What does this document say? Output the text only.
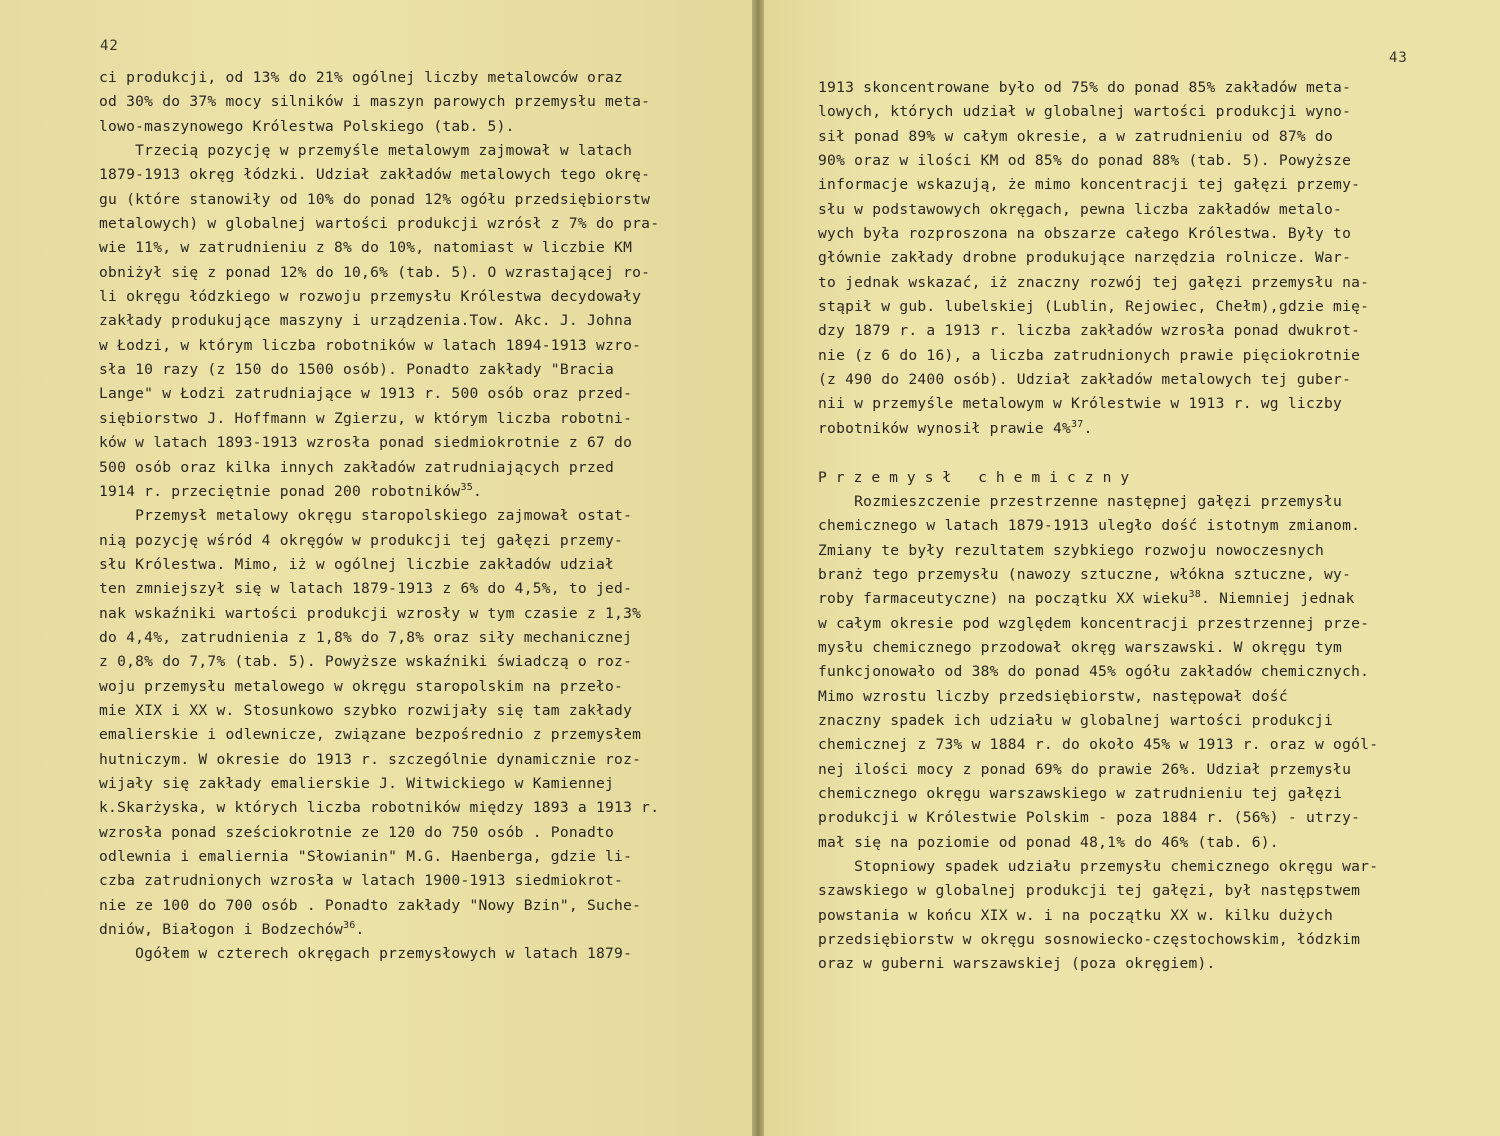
42
43
ci produkcji, od 13% do 21% ogólnej liczby metalowców oraz
od 30% do 37% mocy silników i maszyn parowych przemysłu meta-
lowo-maszynowego Królestwa Polskiego (tab. 5).
Trzecią pozycję w przemyśle metalowym zajmował w latach
1879-1913 okręg łódzki. Udział zakładów metalowych tego okrę-
gu (które stanowiły od 10% do ponad 12% ogółu przedsiębiorstw
metalowych) w globalnej wartości produkcji wzrósł z 7% do pra-
wie 11%, w zatrudnieniu z 8% do 10%, natomiast w liczbie KM
obniżył się z ponad 12% do 10,6% (tab. 5). O wzrastającej ro-
li okręgu łódzkiego w rozwoju przemysłu Królestwa decydowały
zakłady produkujące maszyny i urządzenia.Tow. Akc. J. Johna
w Łodzi, w którym liczba robotników w latach 1894-1913 wzro-
sła 10 razy (z 150 do 1500 osób). Ponadto zakłady "Bracia
Lange" w Łodzi zatrudniające w 1913 r. 500 osób oraz przed-
siębiorstwo J. Hoffmann w Zgierzu, w którym liczba robotni-
ków w latach 1893-1913 wzrosła ponad siedmiokrotnie z 67 do
500 osób oraz kilka innych zakładów zatrudniających przed
1914 r. przeciętnie ponad 200 robotników$^{35}$.
Przemysł metalowy okręgu staropolskiego zajmował ostat-
nią pozycję wśród 4 okręgów w produkcji tej gałęzi przemy-
słu Królestwa. Mimo, iż w ogólnej liczbie zakładów udział
ten zmniejszył się w latach 1879-1913 z 6% do 4,5%, to jed-
nak wskaźniki wartości produkcji wzrosły w tym czasie z 1,3%
do 4,4%, zatrudnienia z 1,8% do 7,8% oraz siły mechanicznej
z 0,8% do 7,7% (tab. 5). Powyższe wskaźniki świadczą o roz-
woju przemysłu metalowego w okręgu staropolskim na przeło-
mie XIX i XX w. Stosunkowo szybko rozwijały się tam zakłady
emalierskie i odlewnicze, związane bezpośrednio z przemysłem
hutniczym. W okresie do 1913 r. szczególnie dynamicznie roz-
wijały się zakłady emalierskie J. Witwickiego w Kamiennej
k.Skarżyska, w których liczba robotników między 1893 a 1913 r.
wzrosła ponad sześciokrotnie ze 120 do 750 osób . Ponadto
odlewnia i emaliernia "Słowianin" M.G. Haenberga, gdzie li-
czba zatrudnionych wzrosła w latach 1900-1913 siedmiokrot-
nie ze 100 do 700 osób . Ponadto zakłady "Nowy Bzin", Suche-
dniów, Białogon i Bodzechów$^{36}$.
Ogółem w czterech okręgach przemysłowych w latach 1879-
1913 skoncentrowane było od 75% do ponad 85% zakładów meta-
lowych, których udział w globalnej wartości produkcji wyno-
sił ponad 89% w całym okresie, a w zatrudnieniu od 87% do
90% oraz w ilości KM od 85% do ponad 88% (tab. 5). Powyższe
informacje wskazują, że mimo koncentracji tej gałęzi przemy-
słu w podstawowych okręgach, pewna liczba zakładów metalo-
wych była rozproszona na obszarze całego Królestwa. Były to
głównie zakłady drobne produkujące narzędzia rolnicze. War-
to jednak wskazać, iż znaczny rozwój tej gałęzi przemysłu na-
stąpił w gub. lubelskiej (Lublin, Rejowiec, Chełm),gdzie mię-
dzy 1879 r. a 1913 r. liczba zakładów wzrosła ponad dwukrot-
nie (z 6 do 16), a liczba zatrudnionych prawie pięciokrotnie
(z 490 do 2400 osób). Udział zakładów metalowych tej guber-
nii w przemyśle metalowym w Królestwie w 1913 r. wg liczby
robotników wynosił prawie 4%$^{37}$.

Przemysł chemiczny
Rozmieszczenie przestrzenne następnej gałęzi przemysłu
chemicznego w latach 1879-1913 uległo dość istotnym zmianom.
Zmiany te były rezultatem szybkiego rozwoju nowoczesnych
branż tego przemysłu (nawozy sztuczne, włókna sztuczne, wy-
roby farmaceutyczne) na początku XX wieku$^{38}$. Niemniej jednak
w całym okresie pod względem koncentracji przestrzennej prze-
mysłu chemicznego przodował okręg warszawski. W okręgu tym
funkcjonowało od 38% do ponad 45% ogółu zakładów chemicznych.
Mimo wzrostu liczby przedsiębiorstw, następował dość
znaczny spadek ich udziału w globalnej wartości produkcji
chemicznej z 73% w 1884 r. do około 45% w 1913 r. oraz w ogól-
nej ilości mocy z ponad 69% do prawie 26%. Udział przemysłu
chemicznego okręgu warszawskiego w zatrudnieniu tej gałęzi
produkcji w Królestwie Polskim - poza 1884 r. (56%) - utrzy-
mał się na poziomie od ponad 48,1% do 46% (tab. 6).
Stopniowy spadek udziału przemysłu chemicznego okręgu war-
szawskiego w globalnej produkcji tej gałęzi, był następstwem
powstania w końcu XIX w. i na początku XX w. kilku dużych
przedsiębiorstw w okręgu sosnowiecko-częstochowskim, łódzkim
oraz w guberni warszawskiej (poza okręgiem).
